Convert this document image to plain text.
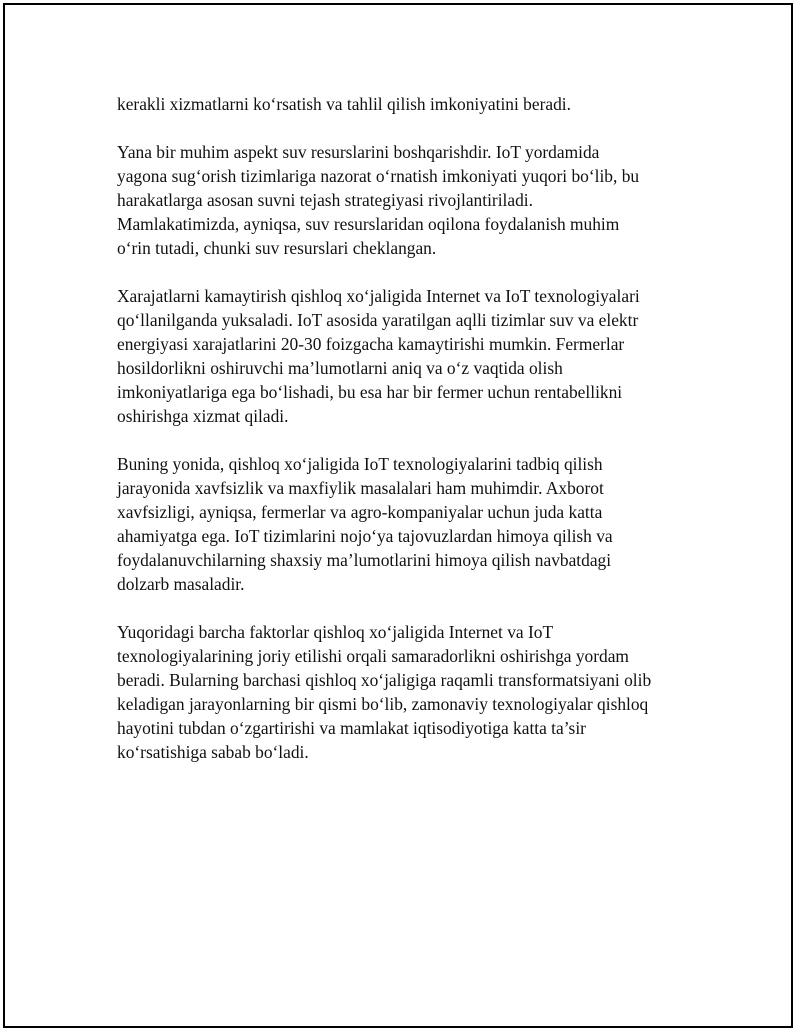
kerakli xizmatlarni ko‘rsatish va tahlil qilish imkoniyatini beradi.

Yana bir muhim aspekt suv resurslarini boshqarishdir. IoT yordamida
yagona sug‘orish tizimlariga nazorat o‘rnatish imkoniyati yuqori bo‘lib, bu
harakatlarga asosan suvni tejash strategiyasi rivojlantiriladi.
Mamlakatimizda, ayniqsa, suv resurslaridan oqilona foydalanish muhim
o‘rin tutadi, chunki suv resurslari cheklangan.

Xarajatlarni kamaytirish qishloq xo‘jaligida Internet va IoT texnologiyalari
qo‘llanilganda yuksaladi. IoT asosida yaratilgan aqlli tizimlar suv va elektr
energiyasi xarajatlarini 20-30 foizgacha kamaytirishi mumkin. Fermerlar
hosildorlikni oshiruvchi ma’lumotlarni aniq va o‘z vaqtida olish
imkoniyatlariga ega bo‘lishadi, bu esa har bir fermer uchun rentabellikni
oshirishga xizmat qiladi.

Buning yonida, qishloq xo‘jaligida IoT texnologiyalarini tadbiq qilish
jarayonida xavfsizlik va maxfiylik masalalari ham muhimdir. Axborot
xavfsizligi, ayniqsa, fermerlar va agro-kompaniyalar uchun juda katta
ahamiyatga ega. IoT tizimlarini nojo‘ya tajovuzlardan himoya qilish va
foydalanuvchilarning shaxsiy ma’lumotlarini himoya qilish navbatdagi
dolzarb masaladir.

Yuqoridagi barcha faktorlar qishloq xo‘jaligida Internet va IoT
texnologiyalarining joriy etilishi orqali samaradorlikni oshirishga yordam
beradi. Bularning barchasi qishloq xo‘jaligiga raqamli transformatsiyani olib
keladigan jarayonlarning bir qismi bo‘lib, zamonaviy texnologiyalar qishloq
hayotini tubdan o‘zgartirishi va mamlakat iqtisodiyotiga katta ta’sir
ko‘rsatishiga sabab bo‘ladi.
